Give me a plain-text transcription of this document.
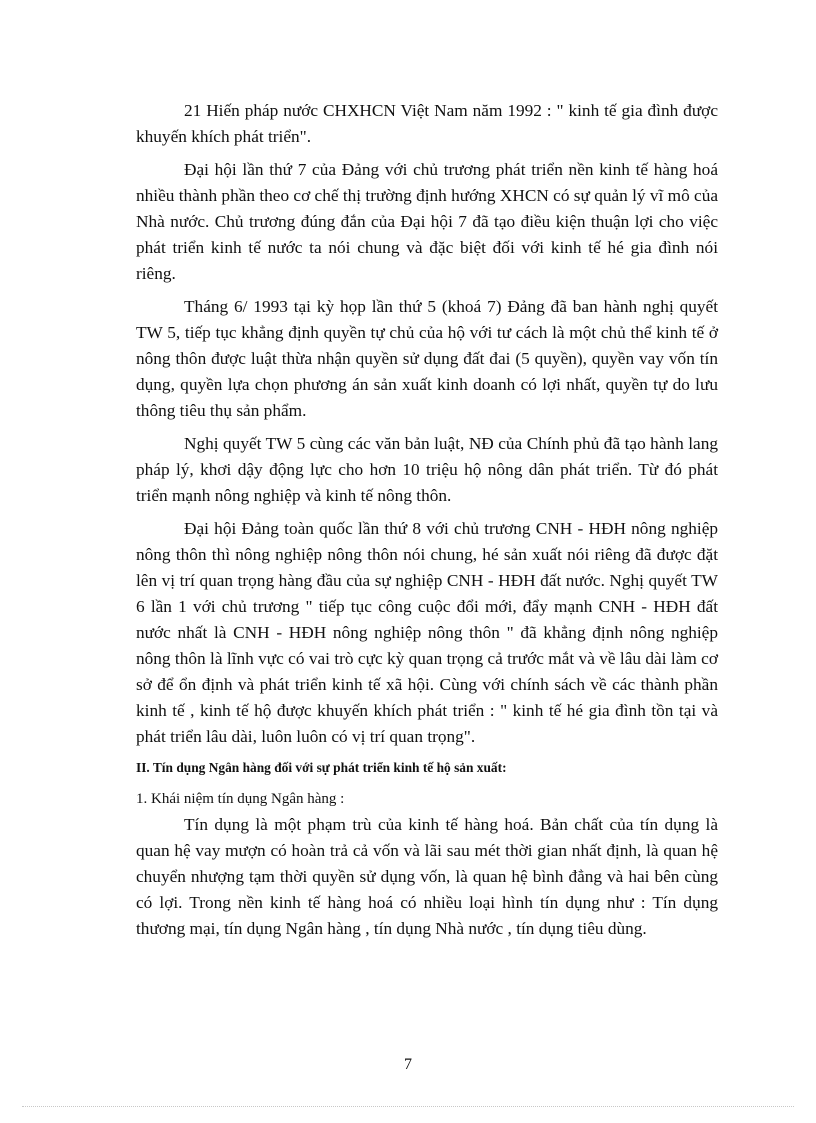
21 Hiến pháp nước CHXHCN Việt Nam năm 1992 : " kinh tế gia đình được khuyến khích phát triển".

Đại hội lần thứ 7 của Đảng với chủ trương phát triển nền kinh tế hàng hoá nhiều thành phần theo cơ chế thị trường định hướng XHCN có sự quản lý vĩ mô của Nhà nước. Chủ trương đúng đắn của Đại hội 7 đã tạo điều kiện thuận lợi cho việc phát triển kinh tế nước ta nói chung và đặc biệt đối với kinh tế hé gia đình nói riêng.

Tháng 6/ 1993 tại kỳ họp lần thứ 5 (khoá 7) Đảng đã ban hành nghị quyết TW 5, tiếp tục khẳng định quyền tự chủ của hộ với tư cách là một chủ thể kinh tế ở nông thôn được luật thừa nhận quyền sử dụng đất đai (5 quyền), quyền vay vốn tín dụng, quyền lựa chọn phương án sản xuất kinh doanh có lợi nhất, quyền tự do lưu thông tiêu thụ sản phẩm.

Nghị quyết TW 5 cùng các văn bản luật, NĐ của Chính phủ đã tạo hành lang pháp lý, khơi dậy động lực cho hơn 10 triệu hộ nông dân phát triển. Từ đó phát triển mạnh nông nghiệp và kinh tế nông thôn.

Đại hội Đảng toàn quốc lần thứ 8 với chủ trương CNH - HĐH nông nghiệp nông thôn thì nông nghiệp nông thôn nói chung, hé sản xuất nói riêng đã được đặt lên vị trí quan trọng hàng đầu của sự nghiệp CNH - HĐH đất nước. Nghị quyết TW 6 lần 1 với chủ trương " tiếp tục công cuộc đổi mới, đẩy mạnh CNH - HĐH đất nước nhất là CNH - HĐH nông nghiệp nông thôn " đã khẳng định nông nghiệp nông thôn là lĩnh vực có vai trò cực kỳ quan trọng cả trước mắt và về lâu dài làm cơ sở để ổn định và phát triển kinh tế xã hội. Cùng với chính sách về các thành phần kinh tế , kinh tế hộ được khuyến khích phát triển : " kinh tế hé gia đình tồn tại và phát triển lâu dài, luôn luôn có vị trí quan trọng".

II. Tín dụng Ngân hàng đối với sự phát triển kinh tế hộ sản xuất:

1. Khái niệm tín dụng Ngân hàng :

Tín dụng là một phạm trù của kinh tế hàng hoá. Bản chất của tín dụng là quan hệ vay mượn có hoàn trả cả vốn và lãi sau mét thời gian nhất định, là quan hệ chuyển nhượng tạm thời quyền sử dụng vốn, là quan hệ bình đẳng và hai bên cùng có lợi. Trong nền kinh tế hàng hoá có nhiều loại hình tín dụng như : Tín dụng thương mại, tín dụng Ngân hàng , tín dụng Nhà nước , tín dụng tiêu dùng.

7
